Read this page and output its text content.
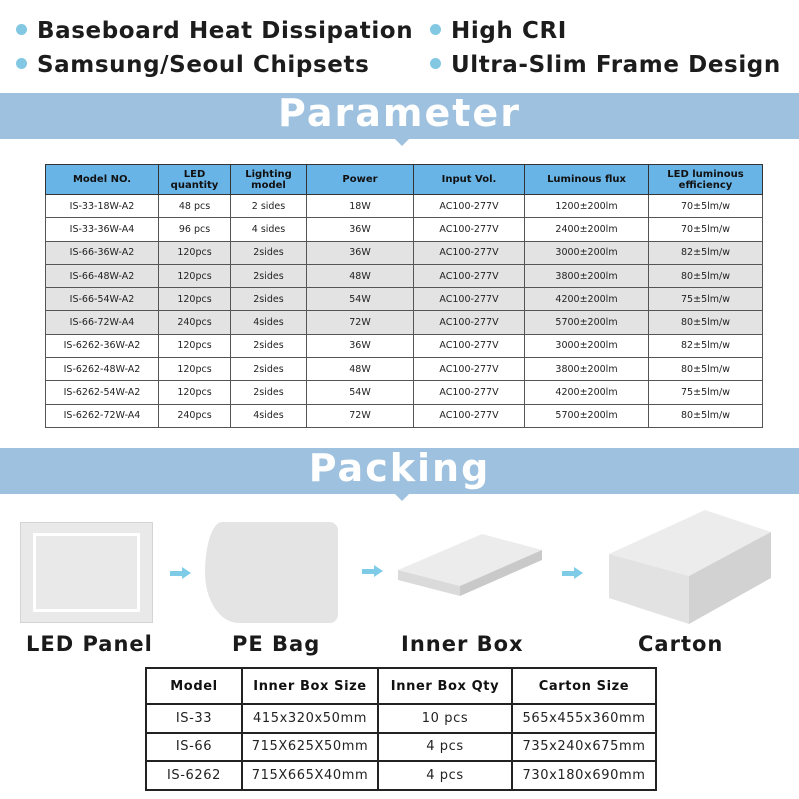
Baseboard Heat Dissipation	High CRI
Samsung/Seoul Chipsets	Ultra-Slim Frame Design
Parameter
Model NO.	LED quantity	Lighting model	Power	Input Vol.	Luminous flux	LED luminous efficiency
IS-33-18W-A2	48 pcs	2 sides	18W	AC100-277V	1200±200lm	70±5lm/w
IS-33-36W-A4	96 pcs	4 sides	36W	AC100-277V	2400±200lm	70±5lm/w
IS-66-36W-A2	120pcs	2sides	36W	AC100-277V	3000±200lm	82±5lm/w
IS-66-48W-A2	120pcs	2sides	48W	AC100-277V	3800±200lm	80±5lm/w
IS-66-54W-A2	120pcs	2sides	54W	AC100-277V	4200±200lm	75±5lm/w
IS-66-72W-A4	240pcs	4sides	72W	AC100-277V	5700±200lm	80±5lm/w
IS-6262-36W-A2	120pcs	2sides	36W	AC100-277V	3000±200lm	82±5lm/w
IS-6262-48W-A2	120pcs	2sides	48W	AC100-277V	3800±200lm	80±5lm/w
IS-6262-54W-A2	120pcs	2sides	54W	AC100-277V	4200±200lm	75±5lm/w
IS-6262-72W-A4	240pcs	4sides	72W	AC100-277V	5700±200lm	80±5lm/w
Packing
LED Panel	PE Bag	Inner Box	Carton
Model	Inner Box Size	Inner Box Qty	Carton Size
IS-33	415x320x50mm	10 pcs	565x455x360mm
IS-66	715X625X50mm	4 pcs	735x240x675mm
IS-6262	715X665X40mm	4 pcs	730x180x690mm
